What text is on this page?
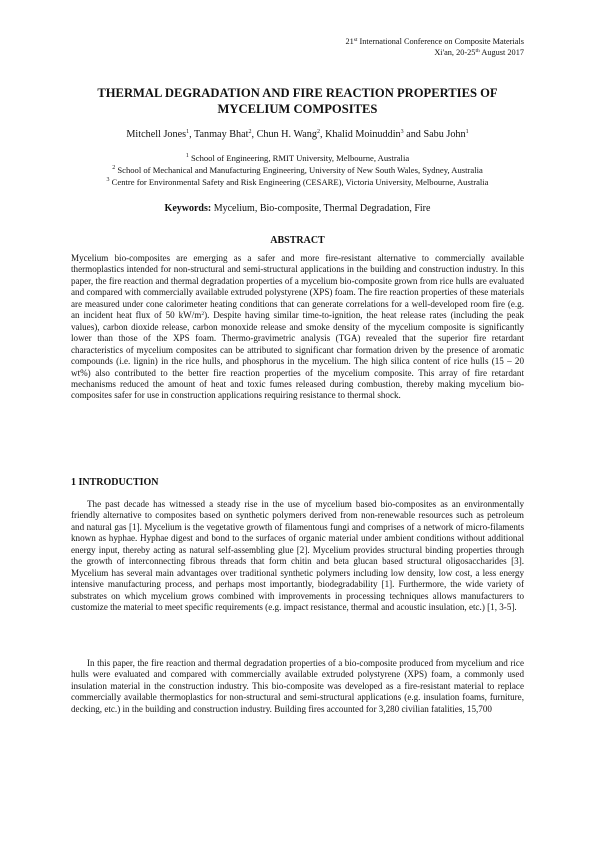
21st International Conference on Composite Materials
Xi'an, 20-25th August 2017
THERMAL DEGRADATION AND FIRE REACTION PROPERTIES OF
MYCELIUM COMPOSITES
Mitchell Jones$^1$, Tanmay Bhat$^2$, Chun H. Wang$^2$, Khalid Moinuddin$^3$ and Sabu John$^1$
$^1$ School of Engineering, RMIT University, Melbourne, Australia
$^2$ School of Mechanical and Manufacturing Engineering, University of New South Wales, Sydney, Australia
$^3$ Centre for Environmental Safety and Risk Engineering (CESARE), Victoria University, Melbourne, Australia
Keywords: Mycelium, Bio-composite, Thermal Degradation, Fire
ABSTRACT

Mycelium bio-composites are emerging as a safer and more fire-resistant alternative to commercially available thermoplastics intended for non-structural and semi-structural applications in the building and construction industry. In this paper, the fire reaction and thermal degradation properties of a mycelium bio-composite grown from rice hulls are evaluated and compared with commercially available extruded polystyrene (XPS) foam. The fire reaction properties of these materials are measured under cone calorimeter heating conditions that can generate correlations for a well-developed room fire (e.g. an incident heat flux of 50 $kW/m^2$). Despite having similar time-to-ignition, the heat release rates (including the peak values), carbon dioxide release, carbon monoxide release and smoke density of the mycelium composite is significantly lower than those of the XPS foam. Thermo-gravimetric analysis (TGA) revealed that the superior fire retardant characteristics of mycelium composites can be attributed to significant char formation driven by the presence of aromatic compounds (i.e. lignin) in the rice hulls, and phosphorus in the mycelium. The high silica content of rice hulls (15 – 20 wt%) also contributed to the better fire reaction properties of the mycelium composite. This array of fire retardant mechanisms reduced the amount of heat and toxic fumes released during combustion, thereby making mycelium bio-composites safer for use in construction applications requiring resistance to thermal shock.

1 INTRODUCTION

The past decade has witnessed a steady rise in the use of mycelium based bio-composites as an environmentally friendly alternative to composites based on synthetic polymers derived from non-renewable resources such as petroleum and natural gas [1]. Mycelium is the vegetative growth of filamentous fungi and comprises of a network of micro-filaments known as hyphae. Hyphae digest and bond to the surfaces of organic material under ambient conditions without additional energy input, thereby acting as natural self-assembling glue [2]. Mycelium provides structural binding properties through the growth of interconnecting fibrous threads that form chitin and beta glucan based structural oligosaccharides [3]. Mycelium has several main advantages over traditional synthetic polymers including low density, low cost, a less energy intensive manufacturing process, and perhaps most importantly, biodegradability [1]. Furthermore, the wide variety of substrates on which mycelium grows combined with improvements in processing techniques allows manufacturers to customize the material to meet specific requirements (e.g. impact resistance, thermal and acoustic insulation, etc.) [1, 3-5].

In this paper, the fire reaction and thermal degradation properties of a bio-composite produced from mycelium and rice hulls were evaluated and compared with commercially available extruded polystyrene (XPS) foam, a commonly used insulation material in the construction industry. This bio-composite was developed as a fire-resistant material to replace commercially available thermoplastics for non-structural and semi-structural applications (e.g. insulation foams, furniture, decking, etc.) in the building and construction industry. Building fires accounted for 3,280 civilian fatalities, 15,700
